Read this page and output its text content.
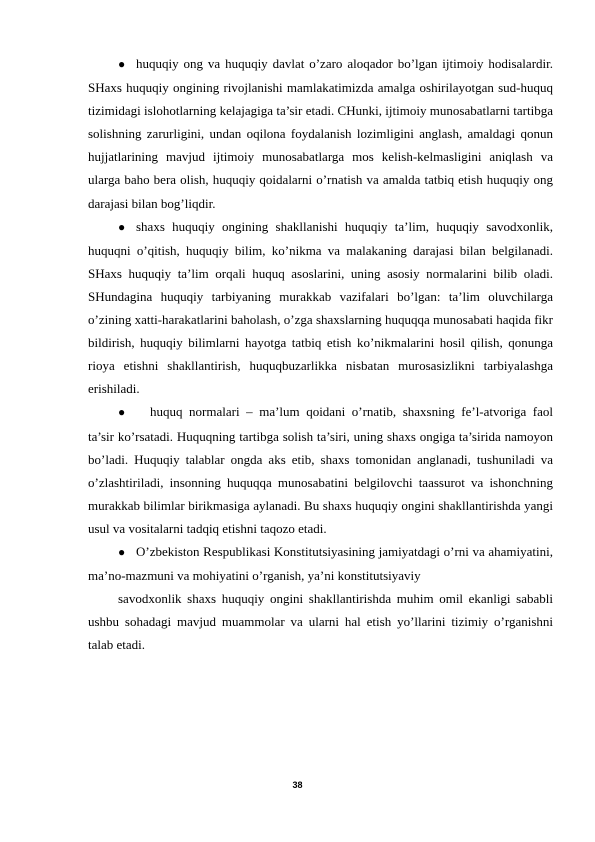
● huquqiy ong va huquqiy davlat o’zaro aloqador bo’lgan ijtimoiy hodisalardir. SHaxs huquqiy ongining rivojlanishi mamlakatimizda amalga oshirilayotgan sud-huquq tizimidagi islohotlarning kelajagiga ta’sir etadi. CHunki, ijtimoiy munosabatlarni tartibga solishning zarurligini, undan oqilona foydalanish lozimligini anglash, amaldagi qonun hujjatlarining mavjud ijtimoiy munosabatlarga mos kelish-kelmasligini aniqlash va ularga baho bera olish, huquqiy qoidalarni o’rnatish va amalda tatbiq etish huquqiy ong darajasi bilan bog’liqdir.

● shaxs huquqiy ongining shakllanishi huquqiy ta’lim, huquqiy savodxonlik, huquqni o’qitish, huquqiy bilim, ko’nikma va malakaning darajasi bilan belgilanadi. SHaxs huquqiy ta’lim orqali huquq asoslarini, uning asosiy normalarini bilib oladi. SHundagina huquqiy tarbiyaning murakkab vazifalari bo’lgan: ta’lim oluvchilarga o’zining xatti-harakatlarini baholash, o’zga shaxslarning huquqqa munosabati haqida fikr bildirish, huquqiy bilimlarni hayotga tatbiq etish ko’nikmalarini hosil qilish, qonunga rioya etishni shakllantirish, huquqbuzarlikka nisbatan murosasizlikni tarbiyalashga erishiladi.

● huquq normalari – ma’lum qoidani o’rnatib, shaxsning fe’l-atvoriga faol ta’sir ko’rsatadi. Huquqning tartibga solish ta’siri, uning shaxs ongiga ta’sirida namoyon bo’ladi. Huquqiy talablar ongda aks etib, shaxs tomonidan anglanadi, tushuniladi va o’zlashtiriladi, insonning huquqqa munosabatini belgilovchi taassurot va ishonchning murakkab bilimlar birikmasiga aylanadi. Bu shaxs huquqiy ongini shakllantirishda yangi usul va vositalarni tadqiq etishni taqozo etadi.

● O’zbekiston Respublikasi Konstitutsiyasining jamiyatdagi o’rni va ahamiyatini, ma’no-mazmuni va mohiyatini o’rganish, ya’ni konstitutsiyaviy

savodxonlik shaxs huquqiy ongini shakllantirishda muhim omil ekanligi sababli ushbu sohadagi mavjud muammolar va ularni hal etish yo’llarini tizimiy o’rganishni talab etadi.

38
